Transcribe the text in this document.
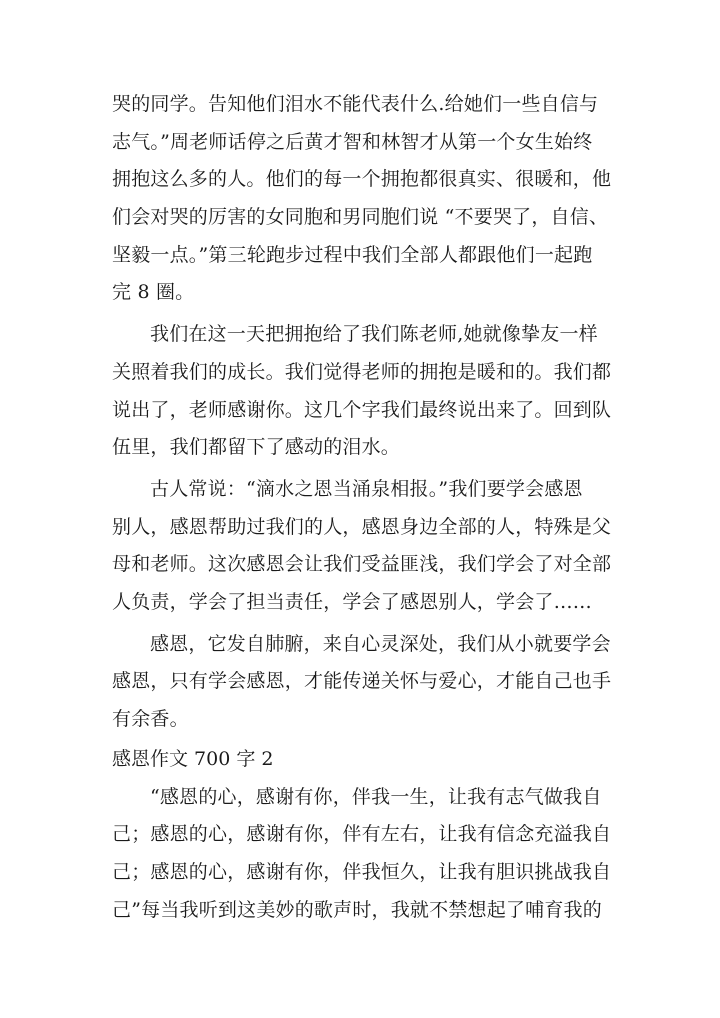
哭的同学。告知他们泪水不能代表什么.给她们一些自信与
志气。”周老师话停之后黄才智和林智才从第一个女生始终
拥抱这么多的人。他们的每一个拥抱都很真实、很暖和，他
们会对哭的厉害的女同胞和男同胞们说 “不要哭了，自信、
坚毅一点。”第三轮跑步过程中我们全部人都跟他们一起跑
完 8 圈。
我们在这一天把拥抱给了我们陈老师,她就像挚友一样
关照着我们的成长。我们觉得老师的拥抱是暖和的。我们都
说出了，老师感谢你。这几个字我们最终说出来了。回到队
伍里，我们都留下了感动的泪水。
古人常说：“滴水之恩当涌泉相报。”我们要学会感恩
别人，感恩帮助过我们的人，感恩身边全部的人，特殊是父
母和老师。这次感恩会让我们受益匪浅，我们学会了对全部
人负责，学会了担当责任，学会了感恩别人，学会了……
感恩，它发自肺腑，来自心灵深处，我们从小就要学会
感恩，只有学会感恩，才能传递关怀与爱心，才能自己也手
有余香。
感恩作文 700 字 2
“感恩的心，感谢有你，伴我一生，让我有志气做我自
己；感恩的心，感谢有你，伴有左右，让我有信念充溢我自
己；感恩的心，感谢有你，伴我恒久，让我有胆识挑战我自
己”每当我听到这美妙的歌声时，我就不禁想起了哺育我的
